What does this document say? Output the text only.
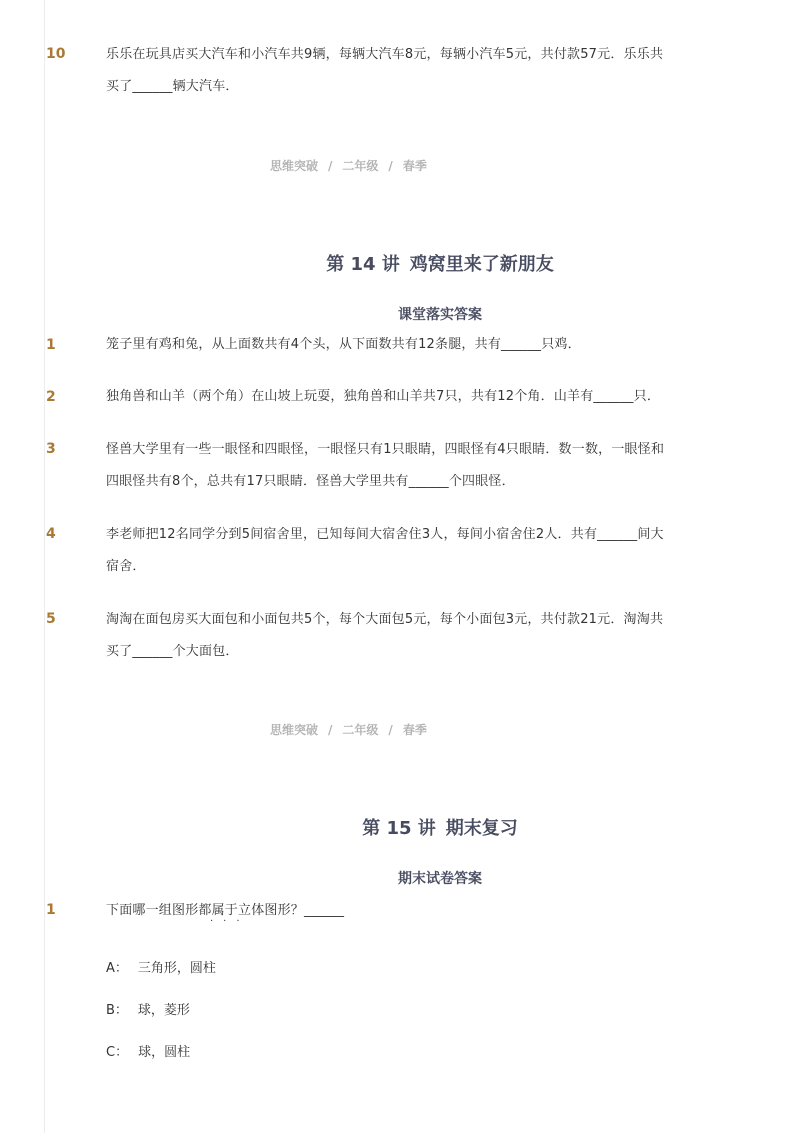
10	乐乐在玩具店买大汽车和小汽车共9辆，每辆大汽车8元，每辆小汽车5元，共付款57元．乐乐共
买了______辆大汽车．
思维突破 / 二年级 / 春季
第 14 讲 鸡窝里来了新朋友
课堂落实答案
1	笼子里有鸡和兔，从上面数共有4个头，从下面数共有12条腿，共有______只鸡．
2	独角兽和山羊（两个角）在山坡上玩耍，独角兽和山羊共7只，共有12个角．山羊有______只．
3	怪兽大学里有一些一眼怪和四眼怪，一眼怪只有1只眼睛，四眼怪有4只眼睛．数一数，一眼怪和
四眼怪共有8个，总共有17只眼睛．怪兽大学里共有______个四眼怪．
4	李老师把12名同学分到5间宿舍里，已知每间大宿舍住3人，每间小宿舍住2人．共有______间大
宿舍．
5	淘淘在面包房买大面包和小面包共5个，每个大面包5元，每个小面包3元，共付款21元．淘淘共
买了______个大面包．
思维突破 / 二年级 / 春季
第 15 讲 期末复习
期末试卷答案
1	下面哪一组图形都属于立体图形？______
···
A： 三角形，圆柱
B： 球，菱形
C： 球，圆柱
